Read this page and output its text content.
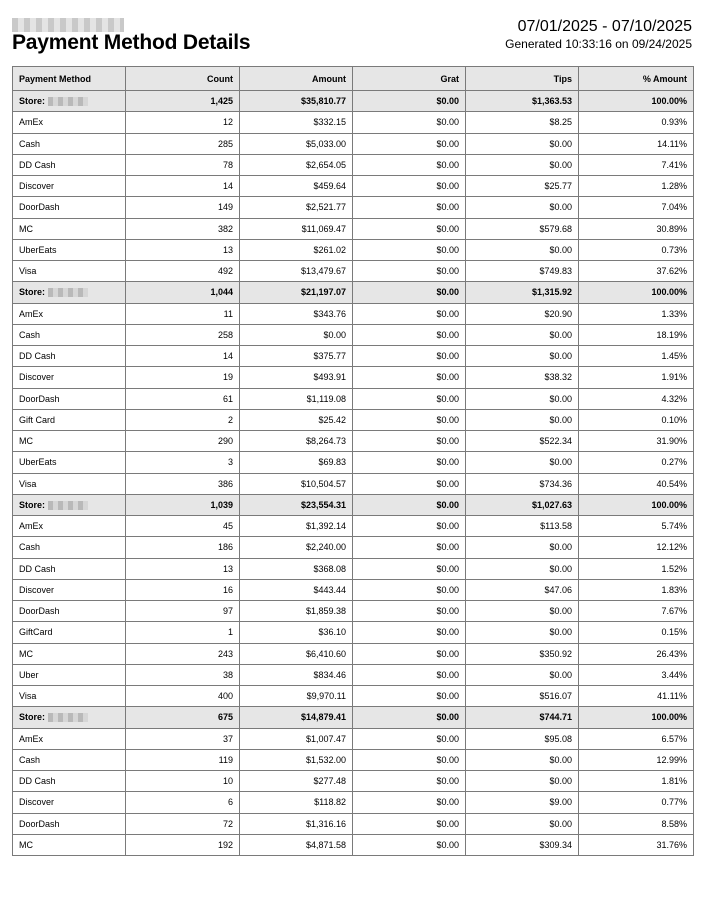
Payment Method Details
07/01/2025 - 07/10/2025
Generated 10:33:16 on 09/24/2025
Payment Method	Count	Amount	Grat	Tips	% Amount
Store:	1,425	$35,810.77	$0.00	$1,363.53	100.00%
AmEx	12	$332.15	$0.00	$8.25	0.93%
Cash	285	$5,033.00	$0.00	$0.00	14.11%
DD Cash	78	$2,654.05	$0.00	$0.00	7.41%
Discover	14	$459.64	$0.00	$25.77	1.28%
DoorDash	149	$2,521.77	$0.00	$0.00	7.04%
MC	382	$11,069.47	$0.00	$579.68	30.89%
UberEats	13	$261.02	$0.00	$0.00	0.73%
Visa	492	$13,479.67	$0.00	$749.83	37.62%
Store:	1,044	$21,197.07	$0.00	$1,315.92	100.00%
AmEx	11	$343.76	$0.00	$20.90	1.33%
Cash	258	$0.00	$0.00	$0.00	18.19%
DD Cash	14	$375.77	$0.00	$0.00	1.45%
Discover	19	$493.91	$0.00	$38.32	1.91%
DoorDash	61	$1,119.08	$0.00	$0.00	4.32%
Gift Card	2	$25.42	$0.00	$0.00	0.10%
MC	290	$8,264.73	$0.00	$522.34	31.90%
UberEats	3	$69.83	$0.00	$0.00	0.27%
Visa	386	$10,504.57	$0.00	$734.36	40.54%
Store:	1,039	$23,554.31	$0.00	$1,027.63	100.00%
AmEx	45	$1,392.14	$0.00	$113.58	5.74%
Cash	186	$2,240.00	$0.00	$0.00	12.12%
DD Cash	13	$368.08	$0.00	$0.00	1.52%
Discover	16	$443.44	$0.00	$47.06	1.83%
DoorDash	97	$1,859.38	$0.00	$0.00	7.67%
GiftCard	1	$36.10	$0.00	$0.00	0.15%
MC	243	$6,410.60	$0.00	$350.92	26.43%
Uber	38	$834.46	$0.00	$0.00	3.44%
Visa	400	$9,970.11	$0.00	$516.07	41.11%
Store:	675	$14,879.41	$0.00	$744.71	100.00%
AmEx	37	$1,007.47	$0.00	$95.08	6.57%
Cash	119	$1,532.00	$0.00	$0.00	12.99%
DD Cash	10	$277.48	$0.00	$0.00	1.81%
Discover	6	$118.82	$0.00	$9.00	0.77%
DoorDash	72	$1,316.16	$0.00	$0.00	8.58%
MC	192	$4,871.58	$0.00	$309.34	31.76%
